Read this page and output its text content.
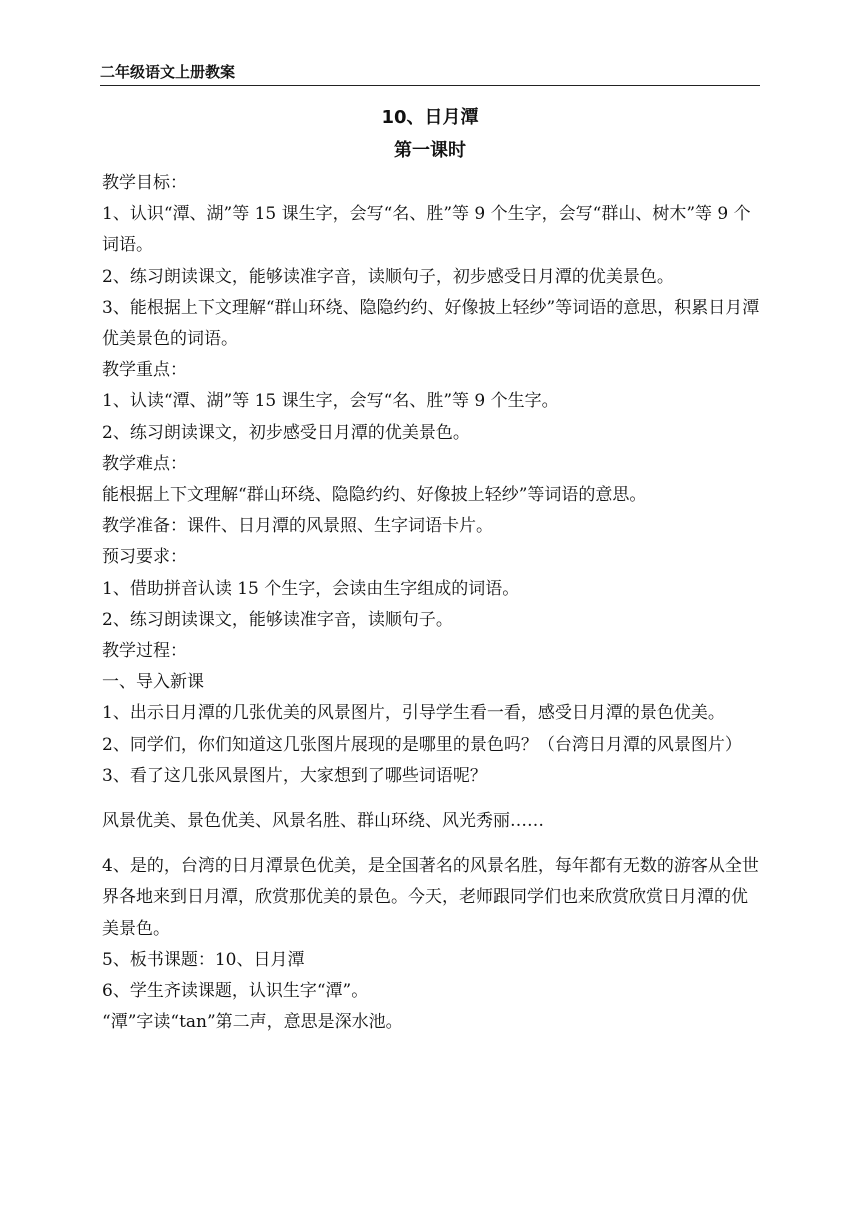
二年级语文上册教案
10、日月潭
第一课时

教学目标：

1、认识“潭、湖”等 15 课生字，会写“名、胜”等 9 个生字，会写“群山、树木”等 9 个词语。

2、练习朗读课文，能够读准字音，读顺句子，初步感受日月潭的优美景色。

3、能根据上下文理解“群山环绕、隐隐约约、好像披上轻纱”等词语的意思，积累日月潭优美景色的词语。

教学重点：

1、认读“潭、湖”等 15 课生字，会写“名、胜”等 9 个生字。

2、练习朗读课文，初步感受日月潭的优美景色。

教学难点：

能根据上下文理解“群山环绕、隐隐约约、好像披上轻纱”等词语的意思。

教学准备：课件、日月潭的风景照、生字词语卡片。

预习要求：

1、借助拼音认读 15 个生字，会读由生字组成的词语。

2、练习朗读课文，能够读准字音，读顺句子。

教学过程：

一、导入新课

1、出示日月潭的几张优美的风景图片，引导学生看一看，感受日月潭的景色优美。

2、同学们，你们知道这几张图片展现的是哪里的景色吗？（台湾日月潭的风景图片）

3、看了这几张风景图片，大家想到了哪些词语呢？

风景优美、景色优美、风景名胜、群山环绕、风光秀丽……

4、是的，台湾的日月潭景色优美，是全国著名的风景名胜，每年都有无数的游客从全世界各地来到日月潭，欣赏那优美的景色。今天，老师跟同学们也来欣赏欣赏日月潭的优美景色。

5、板书课题：10、日月潭

6、学生齐读课题，认识生字“潭”。

“潭”字读“tan”第二声，意思是深水池。
